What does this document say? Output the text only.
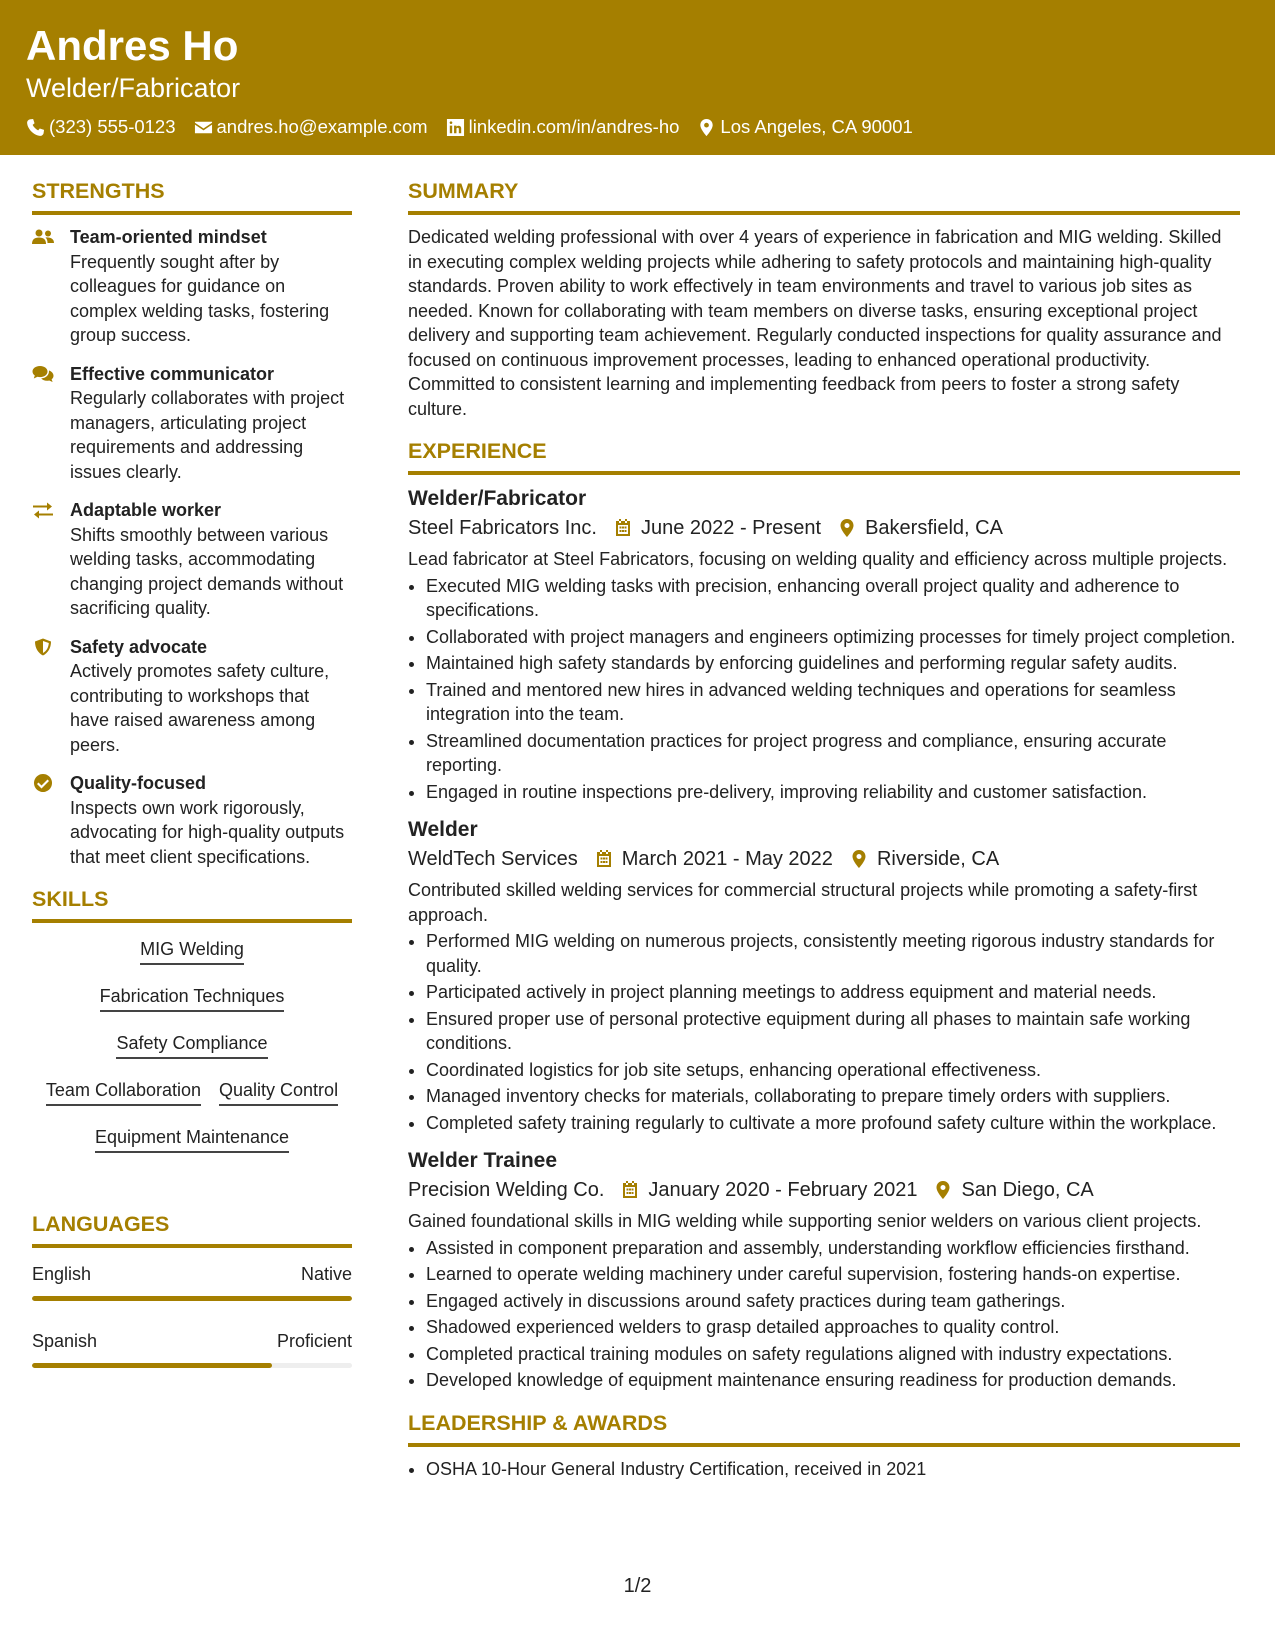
Andres Ho
Welder/Fabricator
(323) 555-0123 andres.ho@example.com linkedin.com/in/andres-ho Los Angeles, CA 90001
STRENGTHS
Team-oriented mindset
Frequently sought after by colleagues for guidance on complex welding tasks, fostering group success.
Effective communicator
Regularly collaborates with project managers, articulating project requirements and addressing issues clearly.
Adaptable worker
Shifts smoothly between various welding tasks, accommodating changing project demands without sacrificing quality.
Safety advocate
Actively promotes safety culture, contributing to workshops that have raised awareness among peers.
Quality-focused
Inspects own work rigorously, advocating for high-quality outputs that meet client specifications.
SKILLS
MIG Welding
Fabrication Techniques
Safety Compliance
Team Collaboration Quality Control
Equipment Maintenance
LANGUAGES
English	Native
Spanish	Proficient
SUMMARY

Dedicated welding professional with over 4 years of experience in fabrication and MIG welding. Skilled in executing complex welding projects while adhering to safety protocols and maintaining high-quality standards. Proven ability to work effectively in team environments and travel to various job sites as needed. Known for collaborating with team members on diverse tasks, ensuring exceptional project delivery and supporting team achievement. Regularly conducted inspections for quality assurance and focused on continuous improvement processes, leading to enhanced operational productivity. Committed to consistent learning and implementing feedback from peers to foster a strong safety culture.

EXPERIENCE
Welder/Fabricator
Steel Fabricators Inc. June 2022 - Present Bakersfield, CA
Lead fabricator at Steel Fabricators, focusing on welding quality and efficiency across multiple projects.
• Executed MIG welding tasks with precision, enhancing overall project quality and adherence to specifications.
• Collaborated with project managers and engineers optimizing processes for timely project completion.
• Maintained high safety standards by enforcing guidelines and performing regular safety audits.
• Trained and mentored new hires in advanced welding techniques and operations for seamless integration into the team.
• Streamlined documentation practices for project progress and compliance, ensuring accurate reporting.
• Engaged in routine inspections pre-delivery, improving reliability and customer satisfaction.
Welder
WeldTech Services March 2021 - May 2022 Riverside, CA
Contributed skilled welding services for commercial structural projects while promoting a safety-first approach.
• Performed MIG welding on numerous projects, consistently meeting rigorous industry standards for quality.
• Participated actively in project planning meetings to address equipment and material needs.
• Ensured proper use of personal protective equipment during all phases to maintain safe working conditions.
• Coordinated logistics for job site setups, enhancing operational effectiveness.
• Managed inventory checks for materials, collaborating to prepare timely orders with suppliers.
• Completed safety training regularly to cultivate a more profound safety culture within the workplace.
Welder Trainee
Precision Welding Co. January 2020 - February 2021 San Diego, CA
Gained foundational skills in MIG welding while supporting senior welders on various client projects.
• Assisted in component preparation and assembly, understanding workflow efficiencies firsthand.
• Learned to operate welding machinery under careful supervision, fostering hands-on expertise.
• Engaged actively in discussions around safety practices during team gatherings.
• Shadowed experienced welders to grasp detailed approaches to quality control.
• Completed practical training modules on safety regulations aligned with industry expectations.
• Developed knowledge of equipment maintenance ensuring readiness for production demands.
LEADERSHIP & AWARDS
• OSHA 10-Hour General Industry Certification, received in 2021
1/2
